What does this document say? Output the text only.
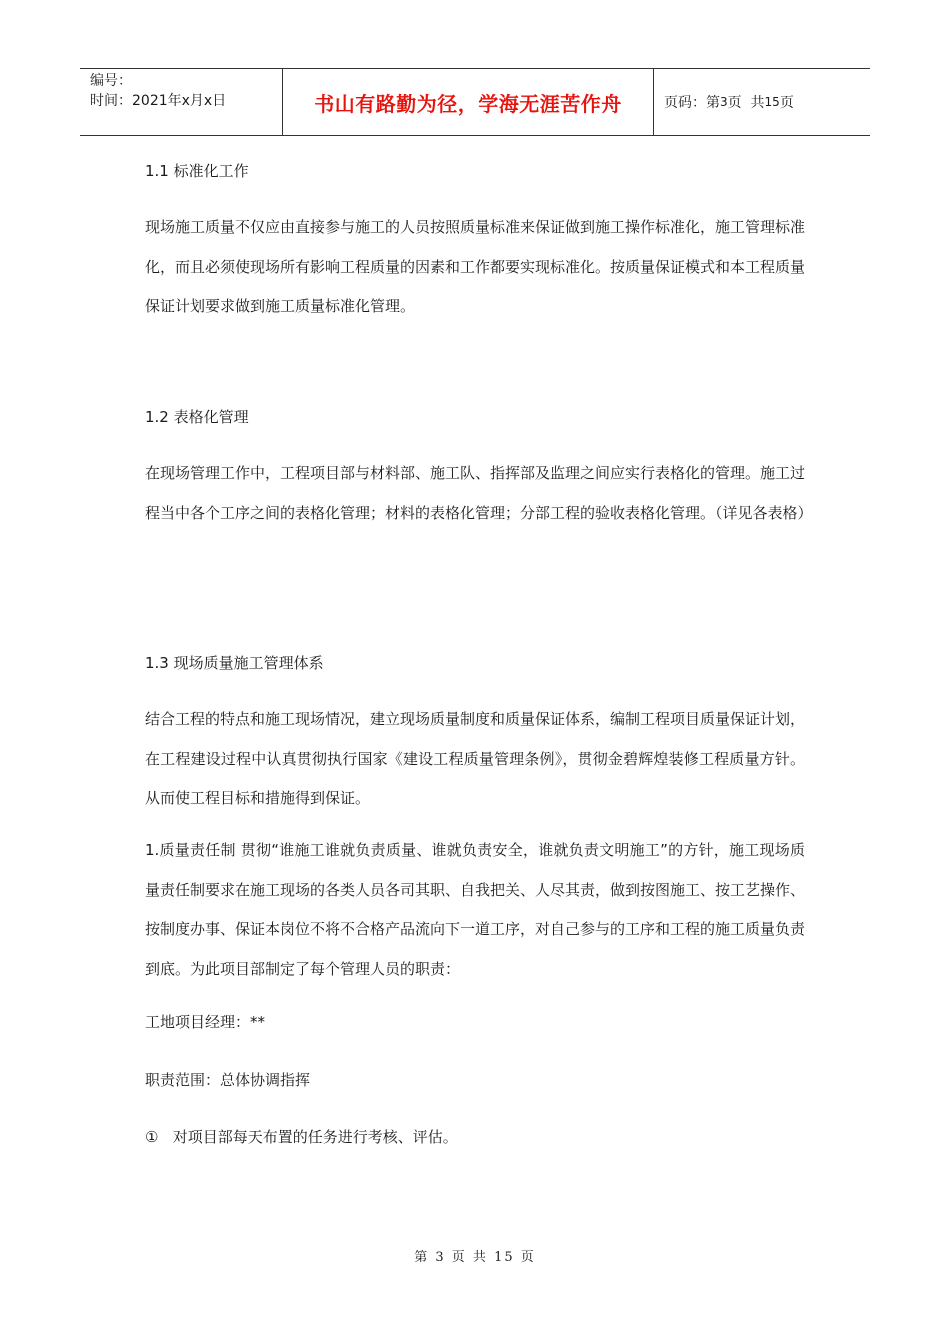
编号：
时间：2021年x月x日	书山有路勤为径，学海无涯苦作舟	页码：第 3 页  共 15 页
1.1 标准化工作
现场施工质量不仅应由直接参与施工的人员按照质量标准来保证做到施工操作标准化，施工管理标准化，而且必须使现场所有影响工程质量的因素和工作都要实现标准化。按质量保证模式和本工程质量保证计划要求做到施工质量标准化管理。
1.2 表格化管理
在现场管理工作中，工程项目部与材料部、施工队、指挥部及监理之间应实行表格化的管理。施工过程当中各个工序之间的表格化管理；材料的表格化管理；分部工程的验收表格化管理。（详见各表格）
1.3 现场质量施工管理体系
结合工程的特点和施工现场情况，建立现场质量制度和质量保证体系，编制工程项目质量保证计划，在工程建设过程中认真贯彻执行国家《建设工程质量管理条例》，贯彻金碧辉煌装修工程质量方针。从而使工程目标和措施得到保证。
1.质量责任制 贯彻“谁施工谁就负责质量、谁就负责安全，谁就负责文明施工”的方针，施工现场质量责任制要求在施工现场的各类人员各司其职、自我把关、人尽其责，做到按图施工、按工艺操作、按制度办事、保证本岗位不将不合格产品流向下一道工序，对自己参与的工序和工程的施工质量负责到底。为此项目部制定了每个管理人员的职责：
工地项目经理：**
职责范围：总体协调指挥
①   对项目部每天布置的任务进行考核、评估。
第 3 页 共 15 页
